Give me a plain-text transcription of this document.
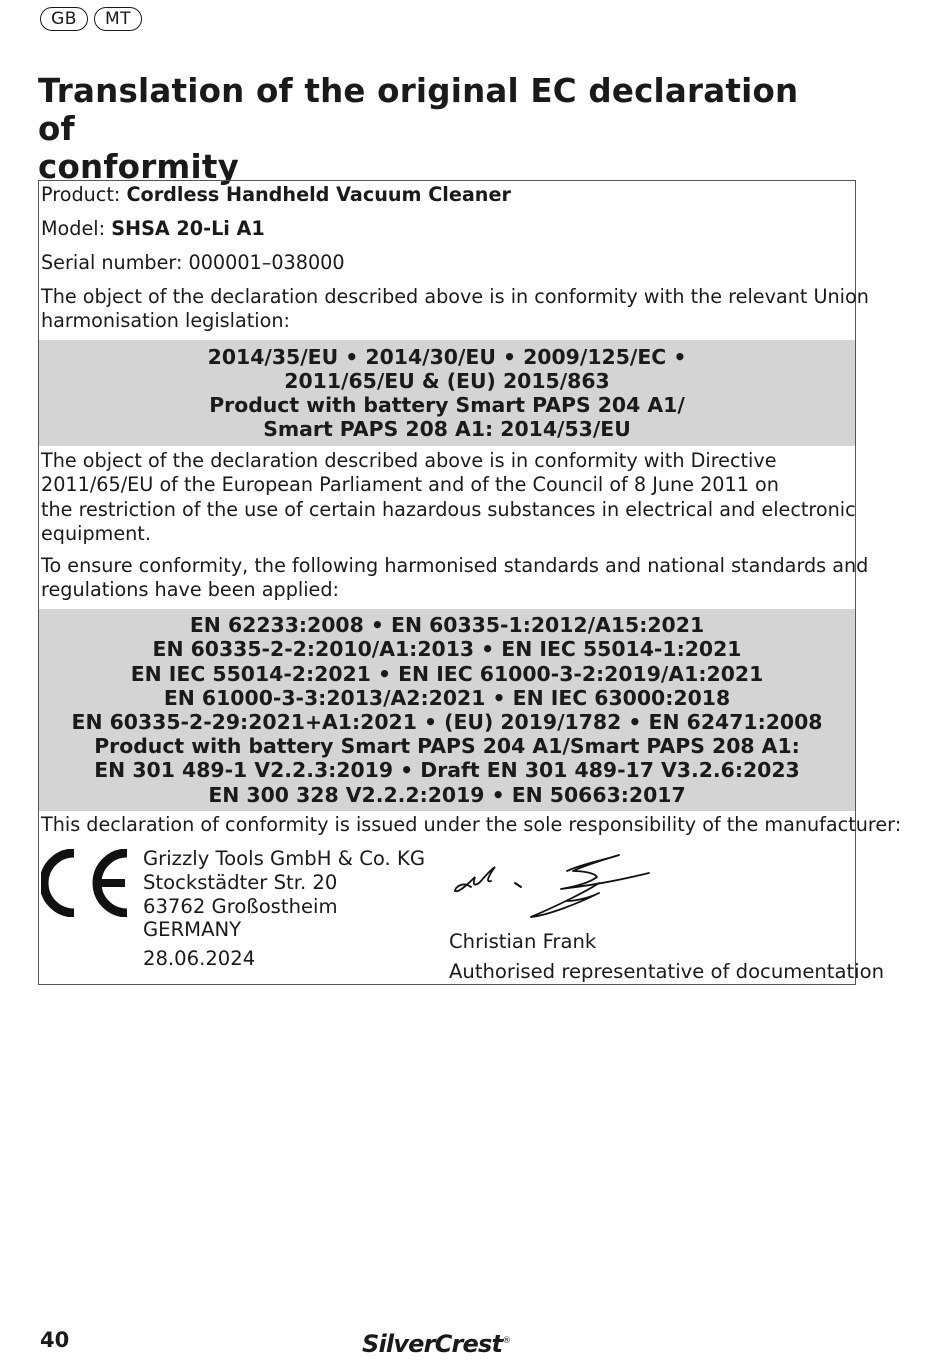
GB	MT
Translation of the original EC declaration of
conformity

Product: Cordless Handheld Vacuum Cleaner

Model: SHSA 20-Li A1

Serial number: 000001–038000

The object of the declaration described above is in conformity with the relevant Union
harmonisation legislation:
2014/35/EU • 2014/30/EU • 2009/125/EC •
2011/65/EU & (EU) 2015/863
Product with battery Smart PAPS 204 A1/
Smart PAPS 208 A1: 2014/53/EU
The object of the declaration described above is in conformity with Directive
2011/65/EU of the European Parliament and of the Council of 8 June 2011 on
the restriction of the use of certain hazardous substances in electrical and electronic
equipment.
To ensure conformity, the following harmonised standards and national standards and
regulations have been applied:
EN 62233:2008 • EN 60335-1:2012/A15:2021
EN 60335-2-2:2010/A1:2013 • EN IEC 55014-1:2021
EN IEC 55014-2:2021 • EN IEC 61000-3-2:2019/A1:2021
EN 61000-3-3:2013/A2:2021 • EN IEC 63000:2018
EN 60335-2-29:2021+A1:2021 • (EU) 2019/1782 • EN 62471:2008
Product with battery Smart PAPS 204 A1/Smart PAPS 208 A1:
EN 301 489-1 V2.2.3:2019 • Draft EN 301 489-17 V3.2.6:2023
EN 300 328 V2.2.2:2019 • EN 50663:2017

This declaration of conformity is issued under the sole responsibility of the manufacturer:

Grizzly Tools GmbH & Co. KG
Stockstädter Str. 20
63762 Großostheim
GERMANY
28.06.2024
Christian Frank
Authorised representative of documentation
40	SilverCrest®
